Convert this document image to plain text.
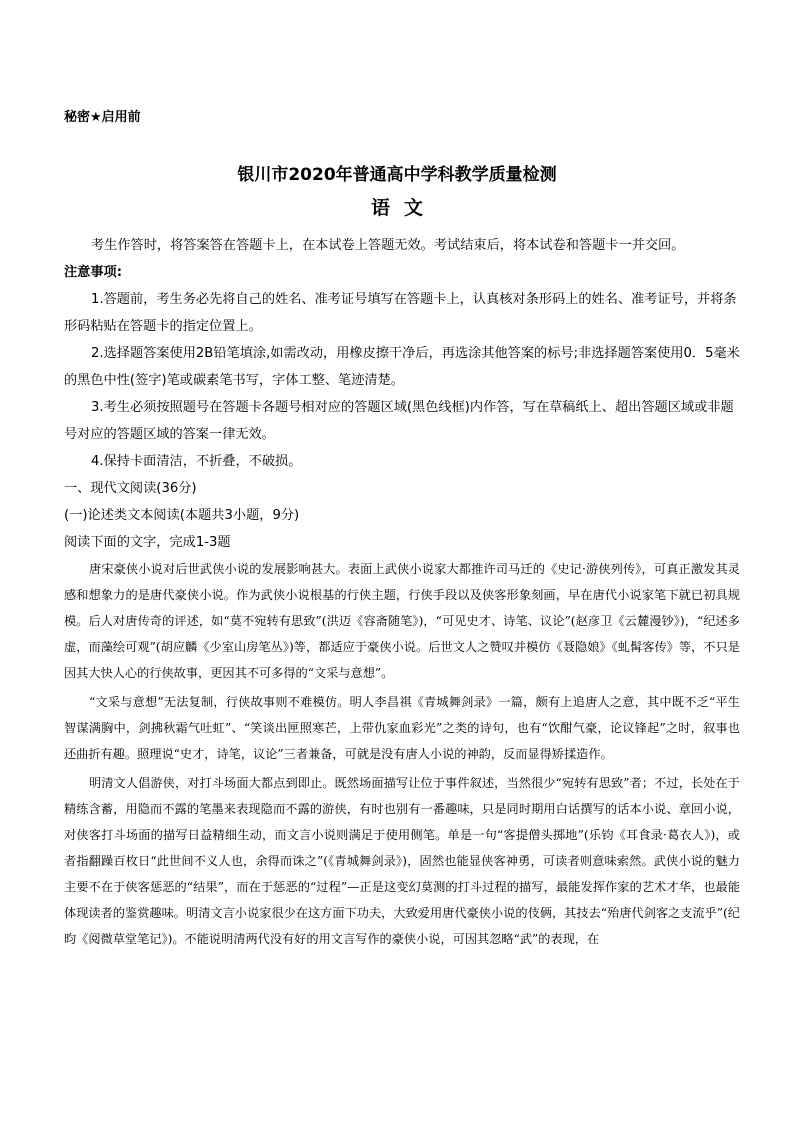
秘密★启用前
银川市2020年普通高中学科教学质量检测
语文

考生作答时，将答案答在答题卡上，在本试卷上答题无效。考试结束后，将本试卷和答题卡一并交回。

注意事项:

1.答题前，考生务必先将自己的姓名、准考证号填写在答题卡上，认真核对条形码上的姓名、准考证号，并将条形码粘贴在答题卡的指定位置上。

2.选择题答案使用2B铅笔填涂,如需改动，用橡皮擦干净后，再选涂其他答案的标号;非选择题答案使用0．5毫米的黑色中性(签字)笔或碳素笔书写，字体工整、笔迹清楚。

3.考生必须按照题号在答题卡各题号相对应的答题区域(黑色线框)内作答，写在草稿纸上、超出答题区域或非题号对应的答题区域的答案一律无效。

4.保持卡面清洁，不折叠，不破损。

一、现代文阅读(36分)

(一)论述类文本阅读(本题共3小题，9分)

阅读下面的文字，完成1-3题

唐宋豪侠小说对后世武侠小说的发展影响甚大。表面上武侠小说家大都推许司马迁的《史记·游侠列传》，可真正激发其灵感和想象力的是唐代豪侠小说。作为武侠小说根基的行侠主题，行侠手段以及侠客形象刻画，早在唐代小说家笔下就已初具规模。后人对唐传奇的评述，如“莫不宛转有思致”(洪迈《容斋随笔》)，“可见史才、诗笔、议论”(赵彦卫《云麓漫钞》)，“纪述多虚，而藻绘可观”(胡应麟《少室山房笔丛》)等，都适应于豪侠小说。后世文人之赞叹并模仿《聂隐娘》《虬髯客传》等，不只是因其大快人心的行侠故事，更因其不可多得的“文采与意想”。

“文采与意想”无法复制，行侠故事则不难模仿。明人李昌祺《青城舞剑录》一篇，颇有上追唐人之意，其中既不乏“平生智谋满胸中，剑拂秋霜气吐虹”、“笑谈出匣照寒芒，上带仇家血彩光”之类的诗句，也有“饮酣气豪，论议锋起”之时，叙事也还曲折有趣。照理说“史才，诗笔，议论”三者兼备，可就是没有唐人小说的神韵，反而显得矫揉造作。

明清文人倡游侠，对打斗场面大都点到即止。既然场面描写让位于事件叙述，当然很少“宛转有思致”者；不过，长处在于精练含蓄，用隐而不露的笔墨来表现隐而不露的游侠，有时也别有一番趣味，只是同时期用白话撰写的话本小说、章回小说，对侠客打斗场面的描写日益精细生动，而文言小说则满足于使用侧笔。单是一句“客提僧头掷地”(乐钧《耳食录·葛衣人》)，或者指翻躁百枚日“此世间不义人也，余得而诛之”(《青城舞剑录》)，固然也能显侠客神勇，可读者则意味索然。武侠小说的魅力主要不在于侠客惩恶的“结果”，而在于惩恶的“过程”—正是这变幻莫测的打斗过程的描写，最能发挥作家的艺术才华，也最能体现读者的鉴赏趣味。明清文言小说家很少在这方面下功夫，大致爱用唐代豪侠小说的伎俩，其技去“殆唐代剑客之支流乎”(纪昀《阅微草堂笔记》)。不能说明清两代没有好的用文言写作的豪侠小说，可因其忽略“武”的表现，在
